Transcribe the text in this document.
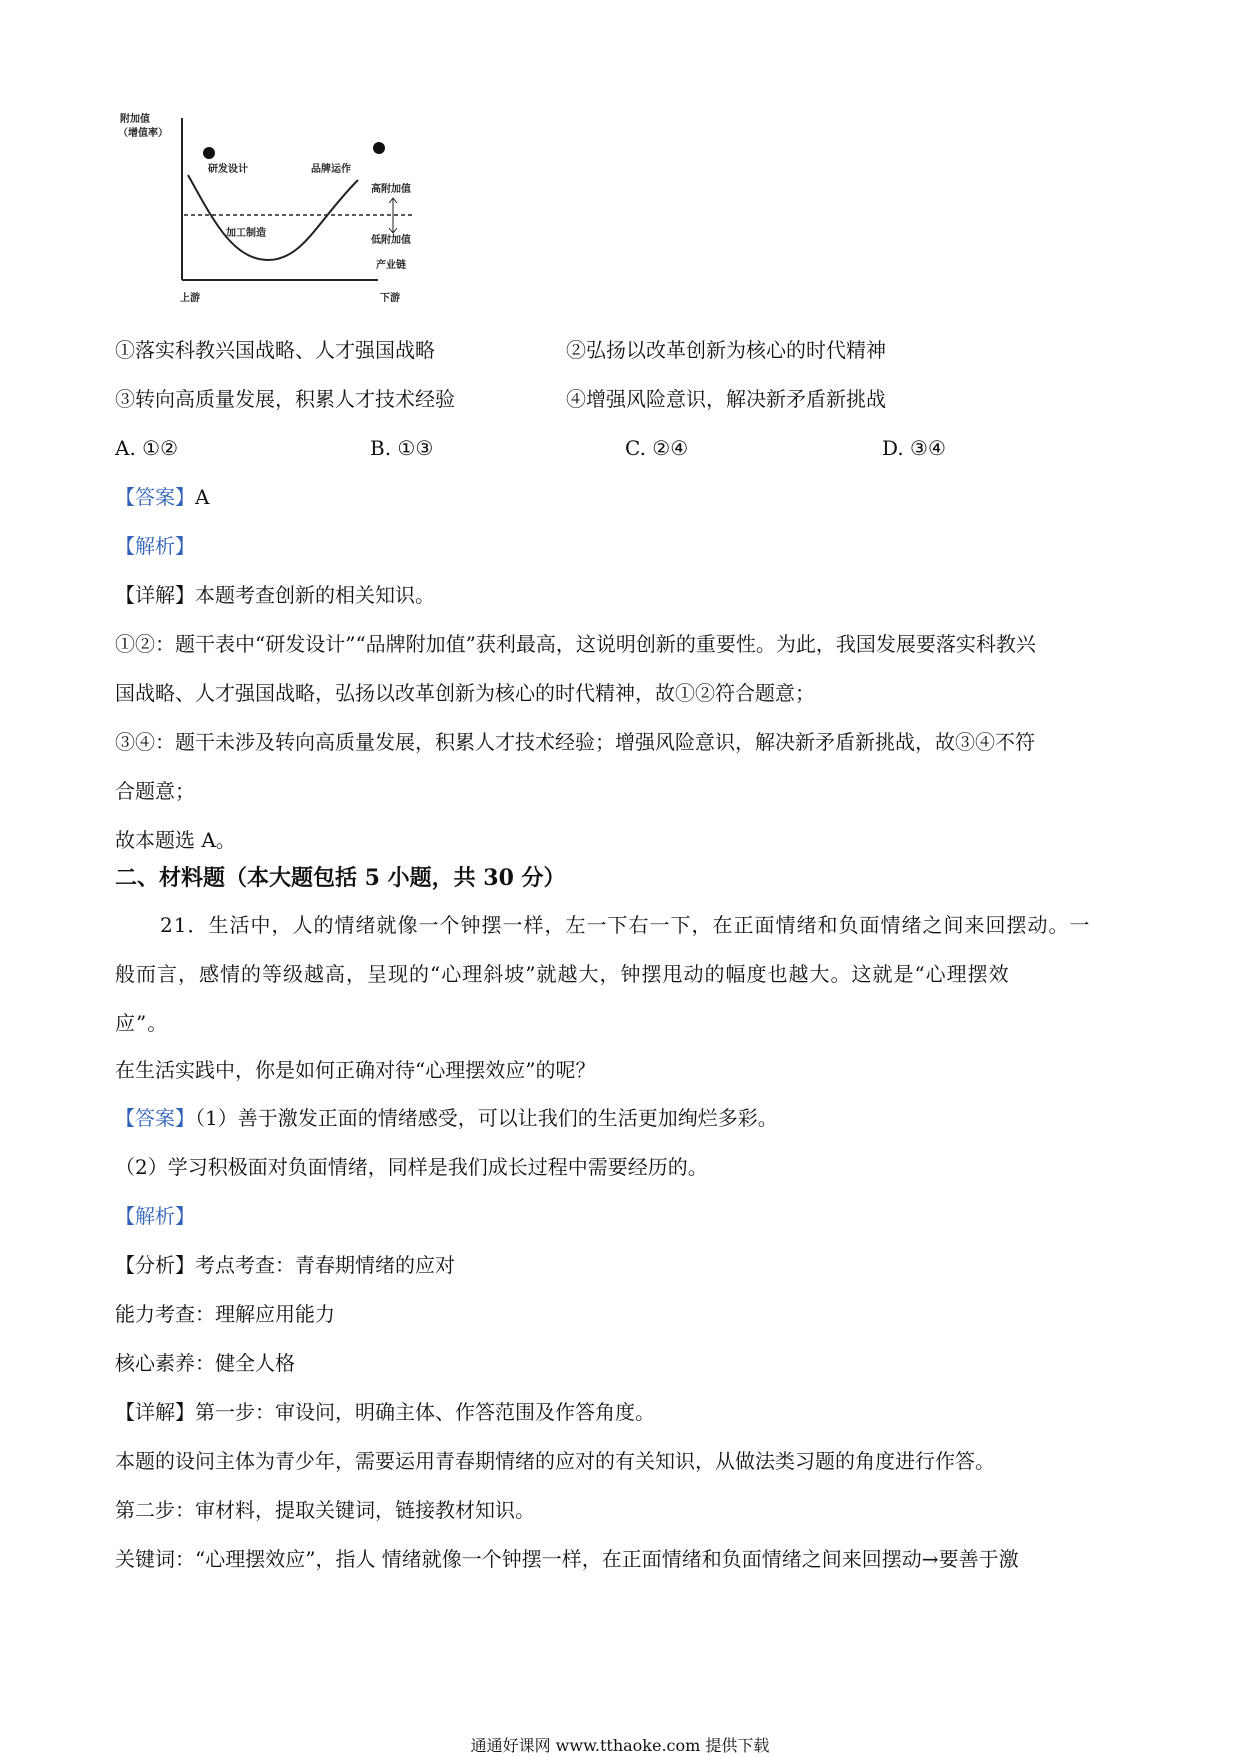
附加值
（增值率）
研发设计	品牌运作
高附加值
加工制造
低附加值
产业链
上游	下游
①落实科教兴国战略、人才强国战略	②弘扬以改革创新为核心的时代精神
③转向高质量发展，积累人才技术经验	④增强风险意识，解决新矛盾新挑战
A. ①②	B. ①③	C. ②④	D. ③④
【答案】A
【解析】
【详解】本题考查创新的相关知识。
①②：题干表中“研发设计”“品牌附加值”获利最高，这说明创新的重要性。为此，我国发展要落实科教兴
国战略、人才强国战略，弘扬以改革创新为核心的时代精神，故①②符合题意；
③④：题干未涉及转向高质量发展，积累人才技术经验；增强风险意识，解决新矛盾新挑战，故③④不符
合题意；
故本题选 A。
二、材料题（本大题包括 5 小题，共 30 分）
21．生活中，人的情绪就像一个钟摆一样，左一下右一下，在正面情绪和负面情绪之间来回摆动。一
般而言，感情的等级越高，呈现的“心理斜坡”就越大，钟摆甩动的幅度也越大。这就是“心理摆效
应”。
在生活实践中，你是如何正确对待“心理摆效应”的呢？
【答案】（1）善于激发正面的情绪感受，可以让我们的生活更加绚烂多彩。
（2）学习积极面对负面情绪，同样是我们成长过程中需要经历的。
【解析】
【分析】考点考查：青春期情绪的应对
能力考查：理解应用能力
核心素养：健全人格
【详解】第一步：审设问，明确主体、作答范围及作答角度。
本题的设问主体为青少年，需要运用青春期情绪的应对的有关知识，从做法类习题的角度进行作答。
第二步：审材料，提取关键词，链接教材知识。
关键词：“心理摆效应”，指人 情绪就像一个钟摆一样，在正面情绪和负面情绪之间来回摆动→要善于激
通通好课网 www.tthaoke.com 提供下载
